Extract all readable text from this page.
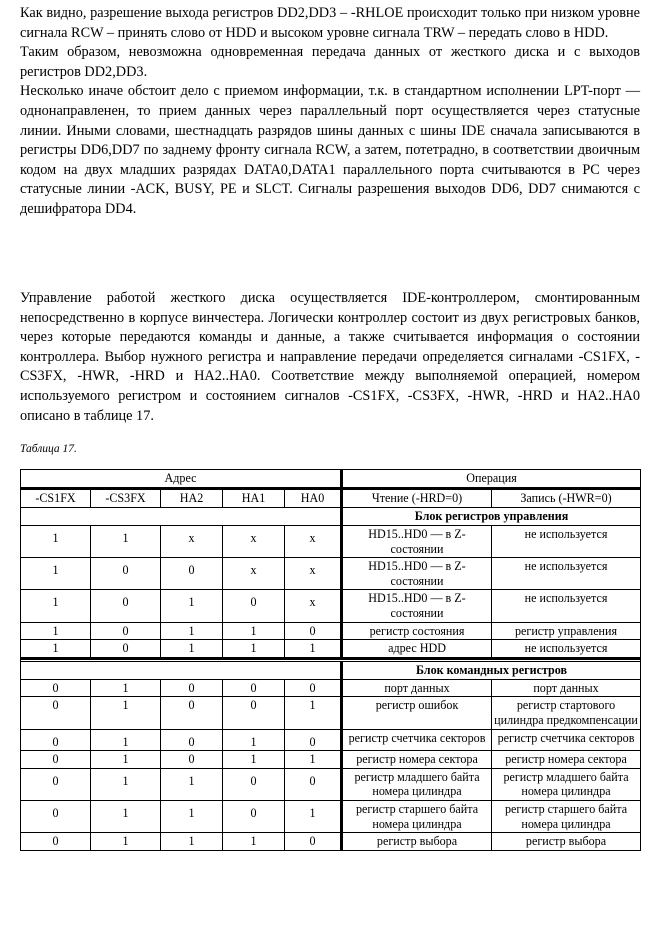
Как видно, разрешение выхода регистров DD2,DD3 – -RHLOE происходит только при низком уровне сигнала RCW – принять слово от HDD и высоком уровне сигнала TRW – передать слово в HDD.

Таким образом, невозможна одновременная передача данных от жесткого диска и с выходов регистров DD2,DD3.

Несколько иначе обстоит дело с приемом информации, т.к. в стандартном исполнении LPT-порт — однонаправленен, то прием данных через параллельный порт осуществляется через статусные линии. Иными словами, шестнадцать разрядов шины данных с шины IDE сначала записываются в регистры DD6,DD7 по заднему фронту сигнала RCW, а затем, потетрадно, в соответствии двоичным кодом на двух младших разрядах DATA0,DATA1 параллельного порта считываются в PC через статусные линии -ACK, BUSY, PE и SLCT. Сигналы разрешения выходов DD6, DD7 снимаются с дешифратора DD4.

Управление работой жесткого диска осуществляется IDE-контроллером, смонтированным непосредственно в корпусе винчестера. Логически контроллер состоит из двух регистровых банков, через которые передаются команды и данные, а также считывается информация о состоянии контроллера. Выбор нужного регистра и направление передачи определяется сигналами -CS1FX, -CS3FX, -HWR, -HRD и HA2..HA0. Соответствие между выполняемой операцией, номером используемого регистром и состоянием сигналов -CS1FX, -CS3FX, -HWR, -HRD и HA2..HA0 описано в таблице 17.

Таблица 17.
Адрес					Операция	
-CS1FX	-CS3FX	HA2	HA1	HA0	Чтение (-HRD=0)	Запись (-HWR=0)
					Блок регистров управления	
1	1	x	x	x	HD15..HD0 — в Z-состоянии	не используется
1	0	0	x	x	HD15..HD0 — в Z-состоянии	не используется
1	0	1	0	x	HD15..HD0 — в Z-состоянии	не используется
1	0	1	1	0	регистр состояния	регистр управления
1	0	1	1	1	адрес HDD	не используется

					Блок командных регистров	
0	1	0	0	0	порт данных	порт данных
0	1	0	0	1	регистр ошибок	регистр стартового цилиндра предкомпенсации
0	1	0	1	0	регистр счетчика секторов	регистр счетчика секторов
0	1	0	1	1	регистр номера сектора	регистр номера сектора
0	1	1	0	0	регистр младшего байта номера цилиндра	регистр младшего байта номера цилиндра
0	1	1	0	1	регистр старшего байта номера цилиндра	регистр старшего байта номера цилиндра
0	1	1	1	0	регистр выбора	регистр выбора
